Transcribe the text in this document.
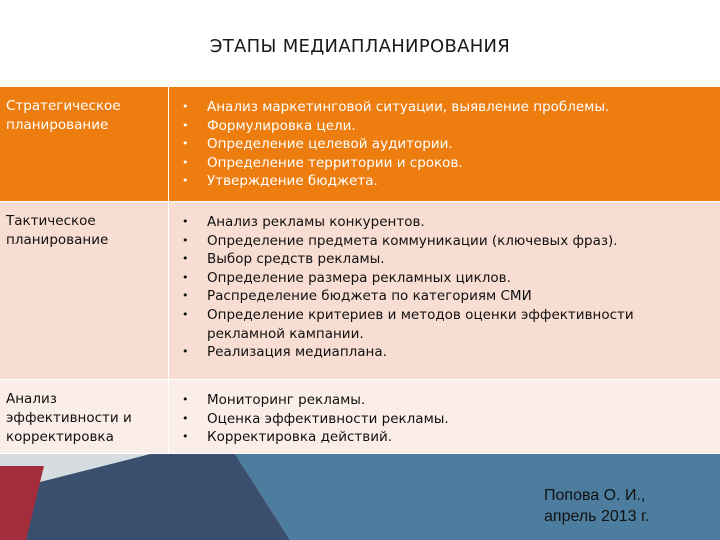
ЭТАПЫ МЕДИАПЛАНИРОВАНИЯ
Стратегическое планирование
• Анализ маркетинговой ситуации, выявление проблемы.
• Формулировка цели.
• Определение целевой аудитории.
• Определение территории и сроков.
• Утверждение бюджета.
Тактическое планирование
• Анализ рекламы конкурентов.
• Определение предмета коммуникации (ключевых фраз).
• Выбор средств рекламы.
• Определение размера рекламных циклов.
• Распределение бюджета по категориям СМИ
• Определение критериев и методов оценки эффективности рекламной кампании.
• Реализация медиаплана.
Анализ эффективности и корректировка
• Мониторинг рекламы.
• Оценка эффективности рекламы.
• Корректировка действий.
Попова О. И.,
апрель 2013 г.
